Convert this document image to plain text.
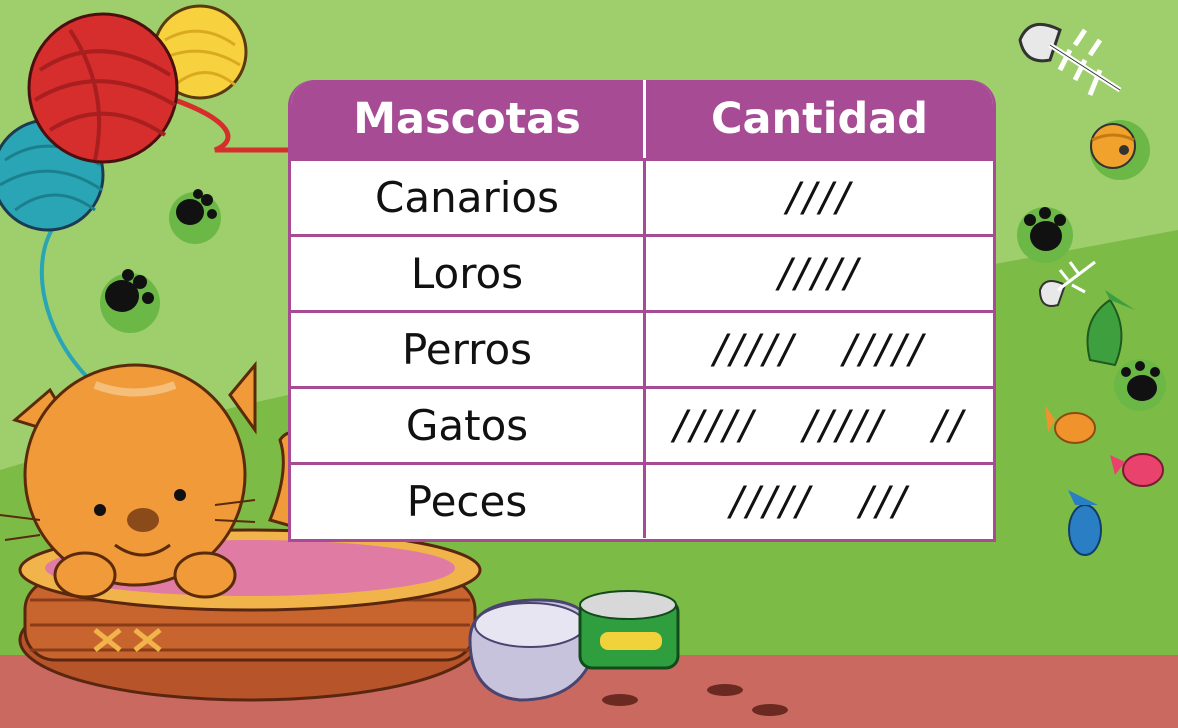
Mascotas	Cantidad
Canarios	////
Loros	/////
Perros	/////   /////
Gatos	/////   /////   //
Peces	/////   ///
